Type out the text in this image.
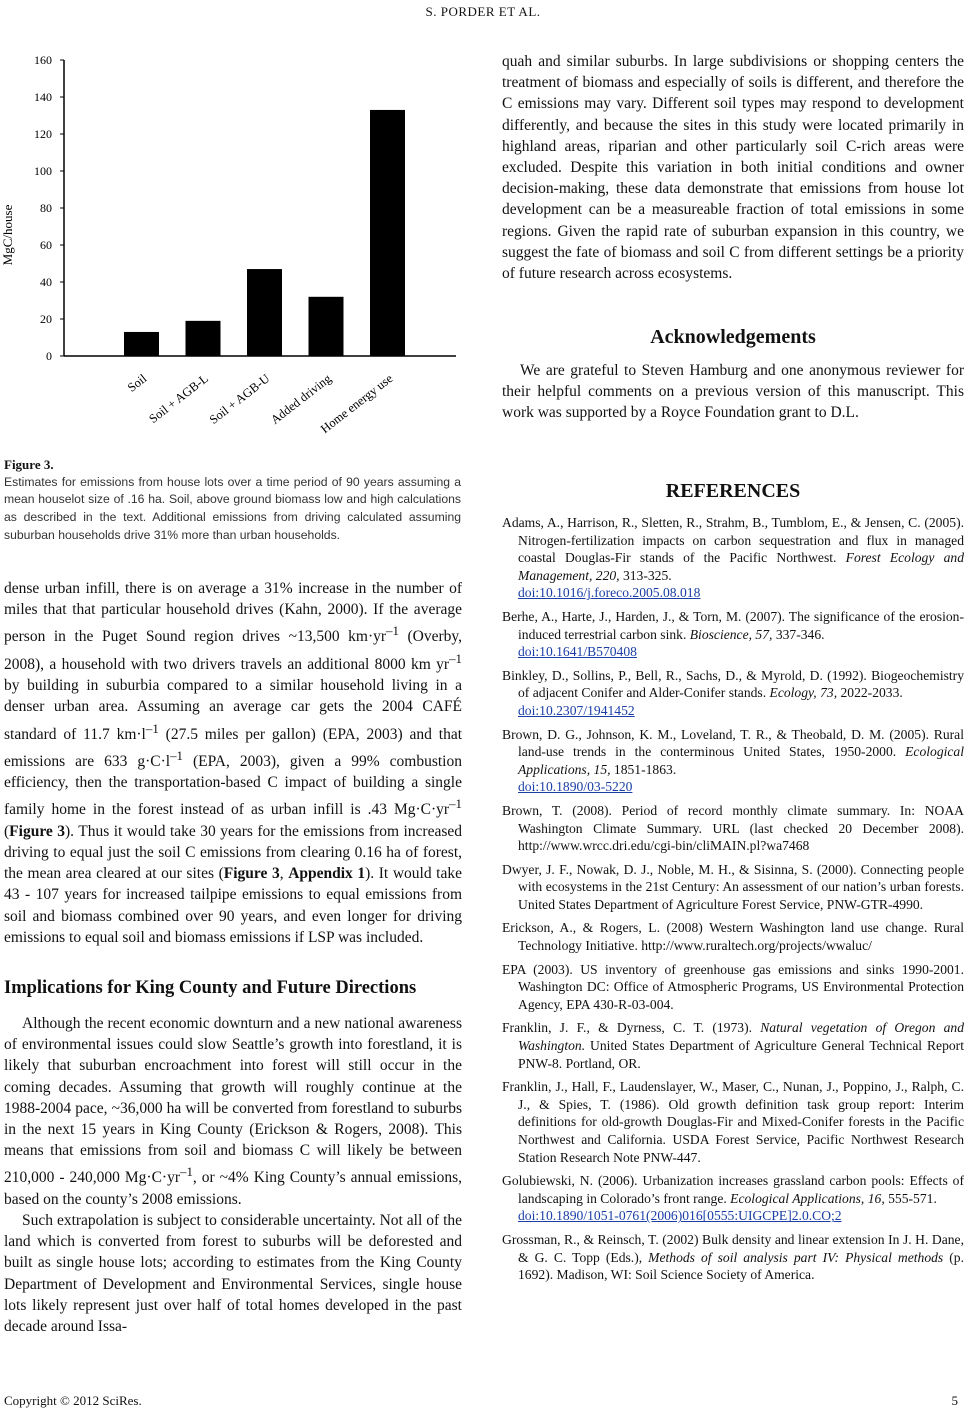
S. PORDER ET AL.
0
20
40
60
80
100
120
140
160
Soil
Soil + AGB-L
Soil + AGB-U
Added driving
Home energy use
MgC/house
Figure 3.
Estimates for emissions from house lots over a time period of 90 years assuming a mean houselot size of .16 ha. Soil, above ground biomass low and high calculations as described in the text. Additional emissions from driving calculated assuming suburban households drive 31% more than urban households.

dense urban infill, there is on average a 31% increase in the number of miles that that particular household drives (Kahn, 2000). If the average person in the Puget Sound region drives ~13,500 $km\cdot yr^{-1}$ (Overby, 2008), a household with two drivers travels an additional 8000 km $yr^{-1}$ by building in suburbia compared to a similar household living in a denser urban area. Assuming an average car gets the 2004 CAFÉ standard of 11.7 $km\cdot l^{-1}$ (27.5 miles per gallon) (EPA, 2003) and that emissions are 633 $g\cdot C\cdot l^{-1}$ (EPA, 2003), given a 99% combustion efficiency, then the transportation-based C impact of building a single family home in the forest instead of as urban infill is .43 $Mg\cdot C\cdot yr^{-1}$ (Figure 3). Thus it would take 30 years for the emissions from increased driving to equal just the soil C emissions from clearing 0.16 ha of forest, the mean area cleared at our sites (Figure 3, Appendix 1). It would take 43 - 107 years for increased tailpipe emissions to equal emissions from soil and biomass combined over 90 years, and even longer for driving emissions to equal soil and biomass emissions if LSP was included.

Implications for King County and Future Directions

Although the recent economic downturn and a new national awareness of environmental issues could slow Seattle’s growth into forestland, it is likely that suburban encroachment into forest will still occur in the coming decades. Assuming that growth will roughly continue at the 1988-2004 pace, ~36,000 ha will be converted from forestland to suburbs in the next 15 years in King County (Erickson & Rogers, 2008). This means that emissions from soil and biomass C will likely be between 210,000 - 240,000 $Mg\cdot C\cdot yr^{-1}$, or ~4% King County’s annual emissions, based on the county’s 2008 emissions.

Such extrapolation is subject to considerable uncertainty. Not all of the land which is converted from forest to suburbs will be deforested and built as single house lots; according to estimates from the King County Department of Development and Environmental Services, single house lots likely represent just over half of total homes developed in the past decade around Issa-

quah and similar suburbs. In large subdivisions or shopping centers the treatment of biomass and especially of soils is different, and therefore the C emissions may vary. Different soil types may respond to development differently, and because the sites in this study were located primarily in highland areas, riparian and other particularly soil C-rich areas were excluded. Despite this variation in both initial conditions and owner decision-making, these data demonstrate that emissions from house lot development can be a measureable fraction of total emissions in some regions. Given the rapid rate of suburban expansion in this country, we suggest the fate of biomass and soil C from different settings be a priority of future research across ecosystems.

Acknowledgements

We are grateful to Steven Hamburg and one anonymous reviewer for their helpful comments on a previous version of this manuscript. This work was supported by a Royce Foundation grant to D.L.

REFERENCES
Adams, A., Harrison, R., Sletten, R., Strahm, B., Tumblom, E., & Jensen, C. (2005). Nitrogen-fertilization impacts on carbon sequestration and flux in managed coastal Douglas-Fir stands of the Pacific Northwest. Forest Ecology and Management, 220, 313-325.
doi:10.1016/j.foreco.2005.08.018
Berhe, A., Harte, J., Harden, J., & Torn, M. (2007). The significance of the erosion-induced terrestrial carbon sink. Bioscience, 57, 337-346.
doi:10.1641/B570408
Binkley, D., Sollins, P., Bell, R., Sachs, D., & Myrold, D. (1992). Biogeochemistry of adjacent Conifer and Alder-Conifer stands. Ecology, 73, 2022-2033.
doi:10.2307/1941452
Brown, D. G., Johnson, K. M., Loveland, T. R., & Theobald, D. M. (2005). Rural land-use trends in the conterminous United States, 1950-2000. Ecological Applications, 15, 1851-1863.
doi:10.1890/03-5220
Brown, T. (2008). Period of record monthly climate summary. In: NOAA Washington Climate Summary. URL (last checked 20 December 2008). http://www.wrcc.dri.edu/cgi-bin/cliMAIN.pl?wa7468
Dwyer, J. F., Nowak, D. J., Noble, M. H., & Sisinna, S. (2000). Connecting people with ecosystems in the 21st Century: An assessment of our nation’s urban forests. United States Department of Agriculture Forest Service, PNW-GTR-4990.
Erickson, A., & Rogers, L. (2008) Western Washington land use change. Rural Technology Initiative. http://www.ruraltech.org/projects/wwaluc/
EPA (2003). US inventory of greenhouse gas emissions and sinks 1990-2001. Washington DC: Office of Atmospheric Programs, US Environmental Protection Agency, EPA 430-R-03-004.
Franklin, J. F., & Dyrness, C. T. (1973). Natural vegetation of Oregon and Washington. United States Department of Agriculture General Technical Report PNW-8. Portland, OR.
Franklin, J., Hall, F., Laudenslayer, W., Maser, C., Nunan, J., Poppino, J., Ralph, C. J., & Spies, T. (1986). Old growth definition task group report: Interim definitions for old-growth Douglas-Fir and Mixed-Conifer forests in the Pacific Northwest and California. USDA Forest Service, Pacific Northwest Research Station Research Note PNW-447.
Golubiewski, N. (2006). Urbanization increases grassland carbon pools: Effects of landscaping in Colorado’s front range. Ecological Applications, 16, 555-571.
doi:10.1890/1051-0761(2006)016[0555:UIGCPE]2.0.CO;2
Grossman, R., & Reinsch, T. (2002) Bulk density and linear extension In J. H. Dane, & G. C. Topp (Eds.), Methods of soil analysis part IV: Physical methods (p. 1692). Madison, WI: Soil Science Society of America.
Copyright © 2012 SciRes.	5
